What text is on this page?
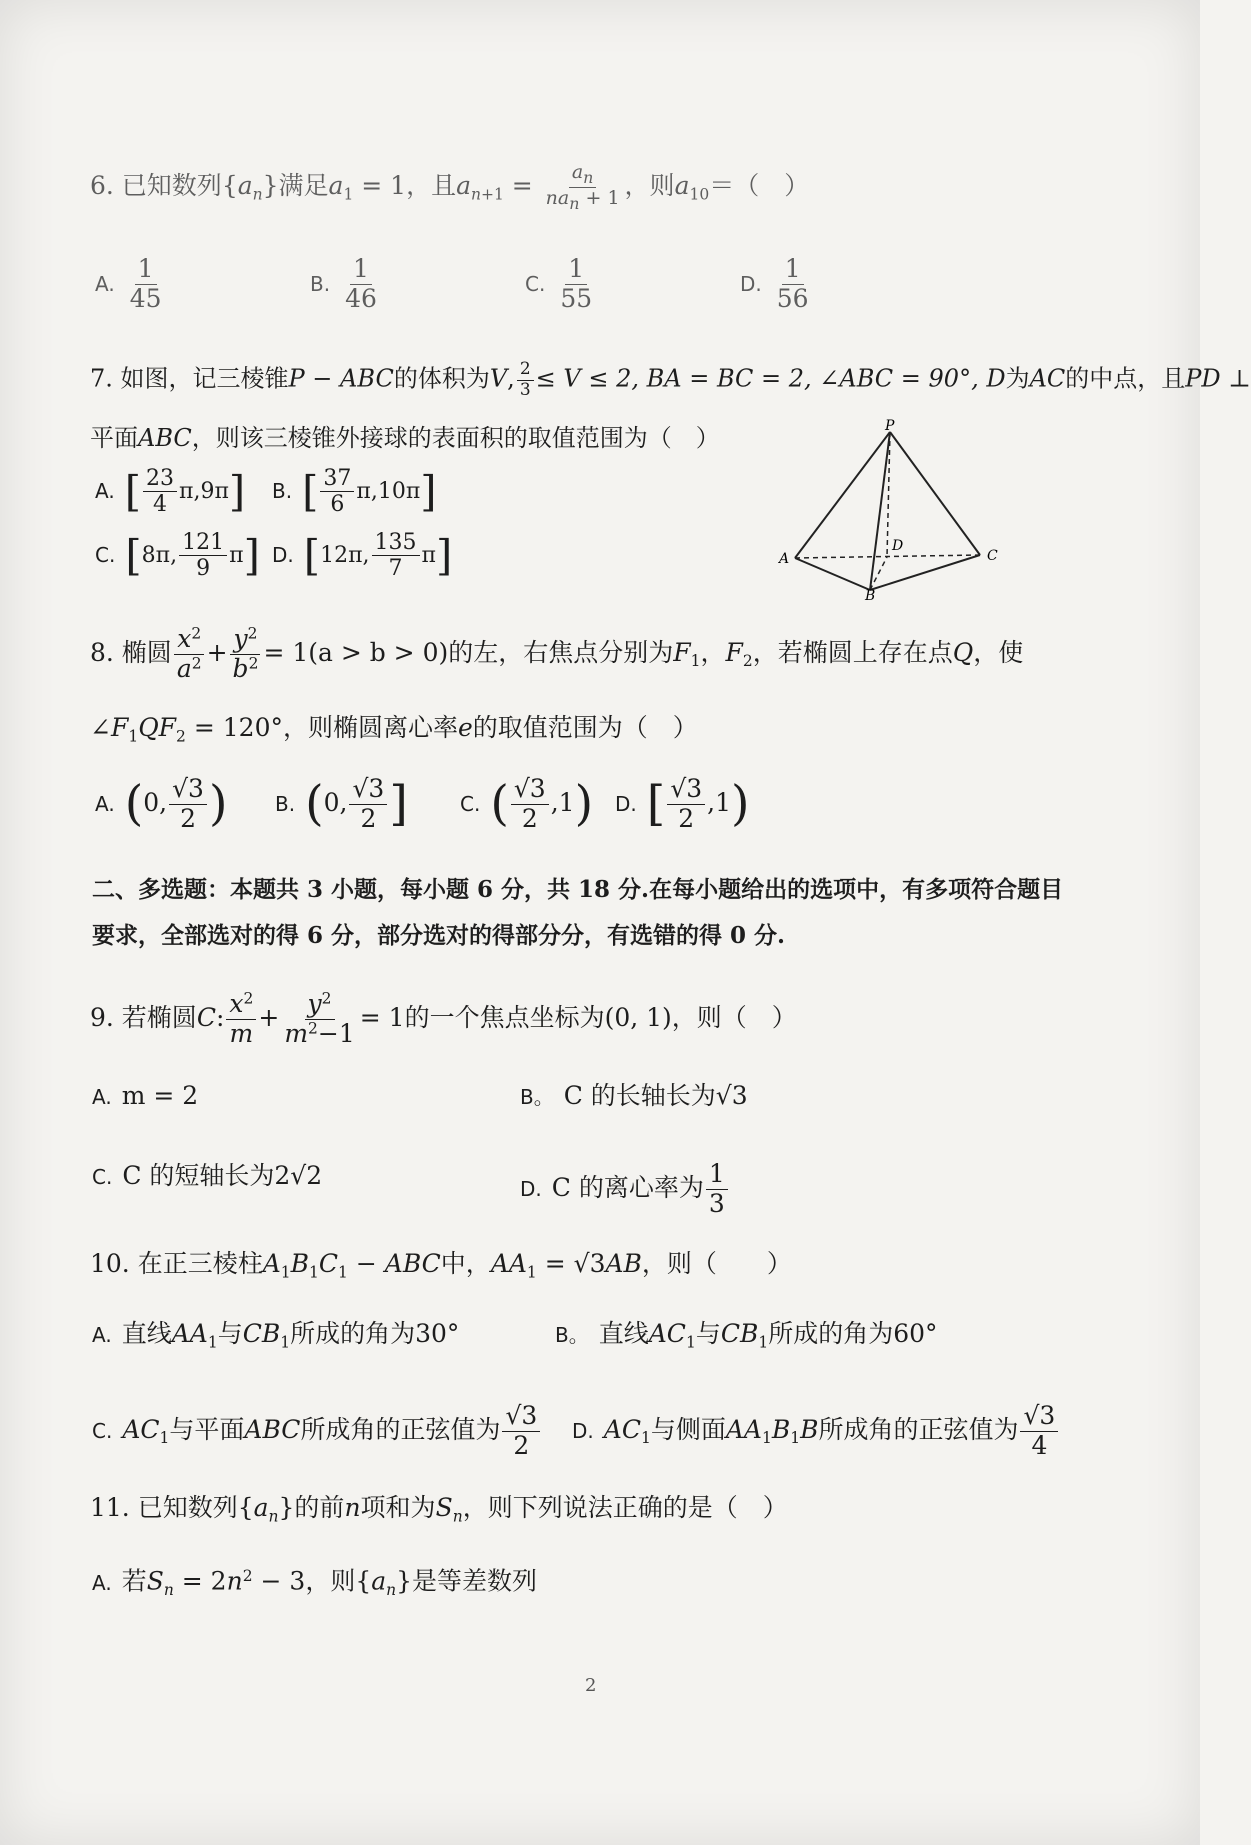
6. 已知数列$\{a_n\}$满足$a_1 = 1$，且$a_{n+1} = \frac{a_n}{na_n + 1}$ ，则$a_{10}=$（　）
A. $\frac{1}{45}$	B. $\frac{1}{46}$	C. $\frac{1}{55}$	D. $\frac{1}{56}$
7. 如图，记三棱锥P − ABC的体积为V, $\frac{2}{3} \le V \le 2$, BA = BC = 2, ∠ABC = 90°, D为AC的中点，且PD ⊥
平面ABC，则该三棱锥外接球的表面积的取值范围为（　）
A. [ $\frac{23}{4} \pi,9\pi$] B. [ $\frac{37}{6} \pi,10\pi$]
C. [8π, $\frac{121}{9} \pi$] D. [12π, $\frac{135}{7} \pi$]
P
A
B
C
D
8. 椭圆 $\frac{x^2}{a^2} + \frac{y^2}{b^2} = 1(a > b > 0)$的左，右焦点分别为$F_1$，$F_2$，若椭圆上存在点Q，使
$\angle F_1QF_2 = 120^\circ$，则椭圆离心率e的取值范围为（　）
A. (0, $\frac{√3}{2}$ ) B. (0, $\frac{√3}{2}$ ]	C. ( $\frac{√3}{2} ,1$) D. [ $\frac{√3}{2} ,1$)
二、多选题：本题共 3 小题，每小题 6 分，共 18 分.在每小题给出的选项中，有多项符合题目
要求，全部选对的得 6 分，部分选对的得部分分，有选错的得 0 分.
9. 若椭圆C: $\frac{x^2}{m} + \frac{y^2}{m^2-1} = 1$的一个焦点坐标为(0, 1)，则（　）
A. m = 2	B。 C 的长轴长为√3
C. C 的短轴长为2√2	D. C 的离心率为 $\frac{1}{3}$
10. 在正三棱柱$A_1B_1C_1$ − ABC中，$AA_1 = √3AB$，则（　　）
A. 直线$AA_1$与$CB_1$所成的角为30°	B。 直线$AC_1$与$CB_1$所成的角为60°
C. $AC_1$与平面ABC所成角的正弦值为 $\frac{√3}{2} D$. $AC_1$与侧面$AA_1B_1B$所成角的正弦值为 $\frac{√3}{4}$
11. 已知数列$\{a_n\}$的前n项和为$S_n$，则下列说法正确的是（　）
A. 若$S_n = 2n^2 - 3$，则$\{a_n\}$是等差数列
2
